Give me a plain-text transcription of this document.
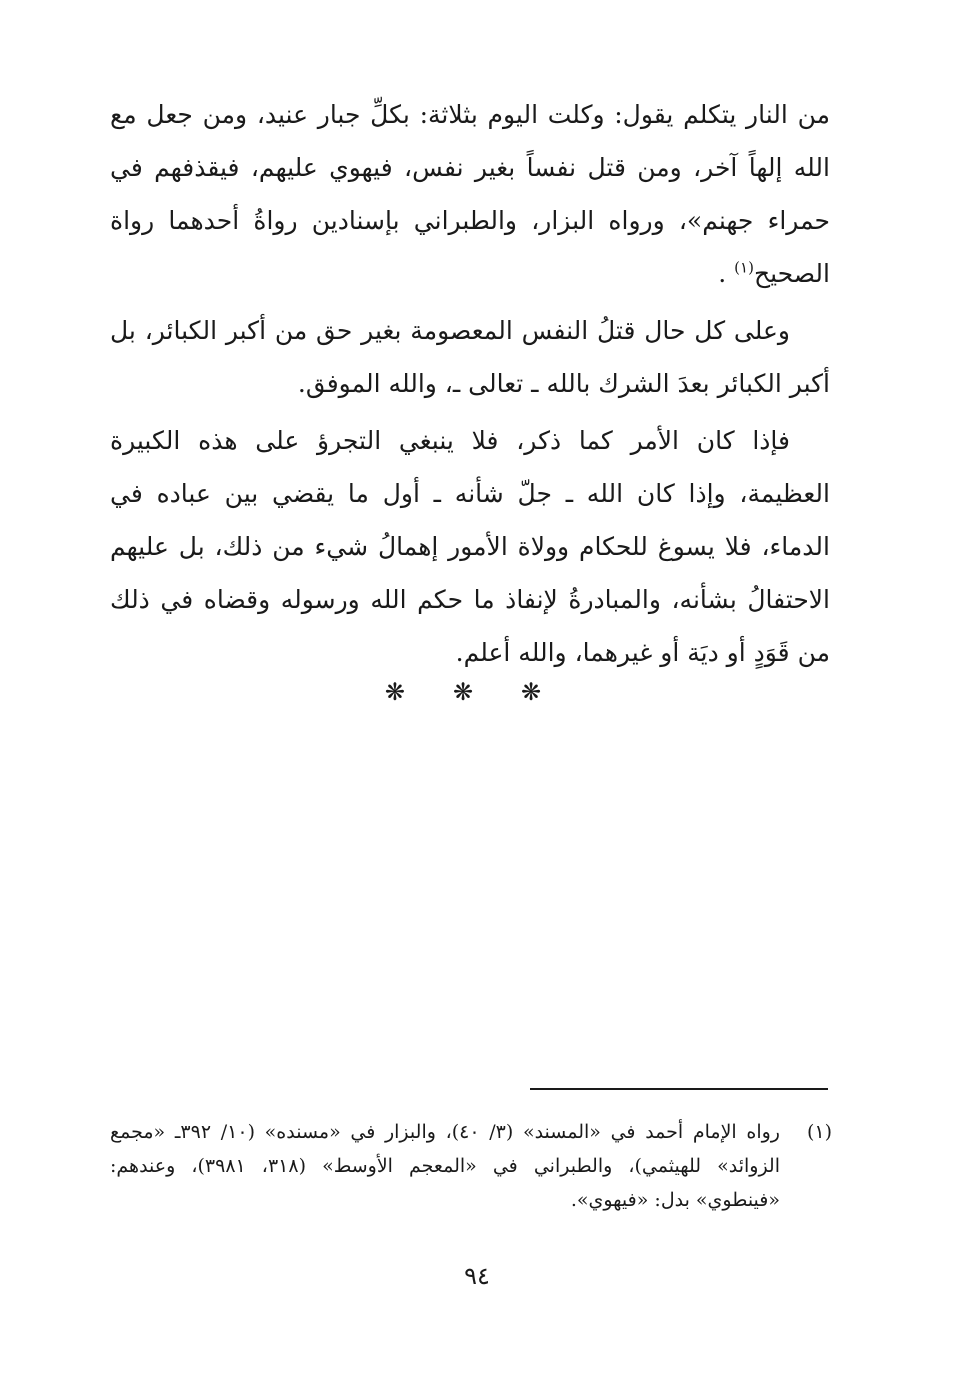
من النار يتكلم يقول: وكلت اليوم بثلاثة: بكلِّ جبار عنيد، ومن جعل مع الله إلهاً آخر، ومن قتل نفساً بغير نفس، فيهوي عليهم، فيقذفهم في حمراء جهنم»، ورواه البزار، والطبراني بإسنادين رواةُ أحدهما رواة الصحيح$^{(١)}$ .

وعلى كل حال قتلُ النفس المعصومة بغير حق من أكبر الكبائر، بل أكبر الكبائر بعدَ الشرك بالله ـ تعالى ـ، والله الموفق.

فإذا كان الأمر كما ذكر، فلا ينبغي التجرؤ على هذه الكبيرة العظيمة، وإذا كان الله ـ جلّ شأنه ـ أول ما يقضي بين عباده في الدماء، فلا يسوغ للحكام وولاة الأمور إهمالُ شيء من ذلك، بل عليهم الاحتفالُ بشأنه، والمبادرةُ لإنفاذ ما حكم الله ورسوله وقضاه في ذلك من قَوَدٍ أو ديَة أو غيرهما، والله أعلم.

❋❋❋

(١)
رواه الإمام أحمد في «المسند» (٣/ ٤٠)، والبزار في «مسنده» (١٠/ ٣٩٢ـ «مجمع الزوائد» للهيثمي)، والطبراني في «المعجم الأوسط» (٣١٨، ٣٩٨١)، وعندهم: «فينطوي» بدل: «فيهوي».

٩٤
